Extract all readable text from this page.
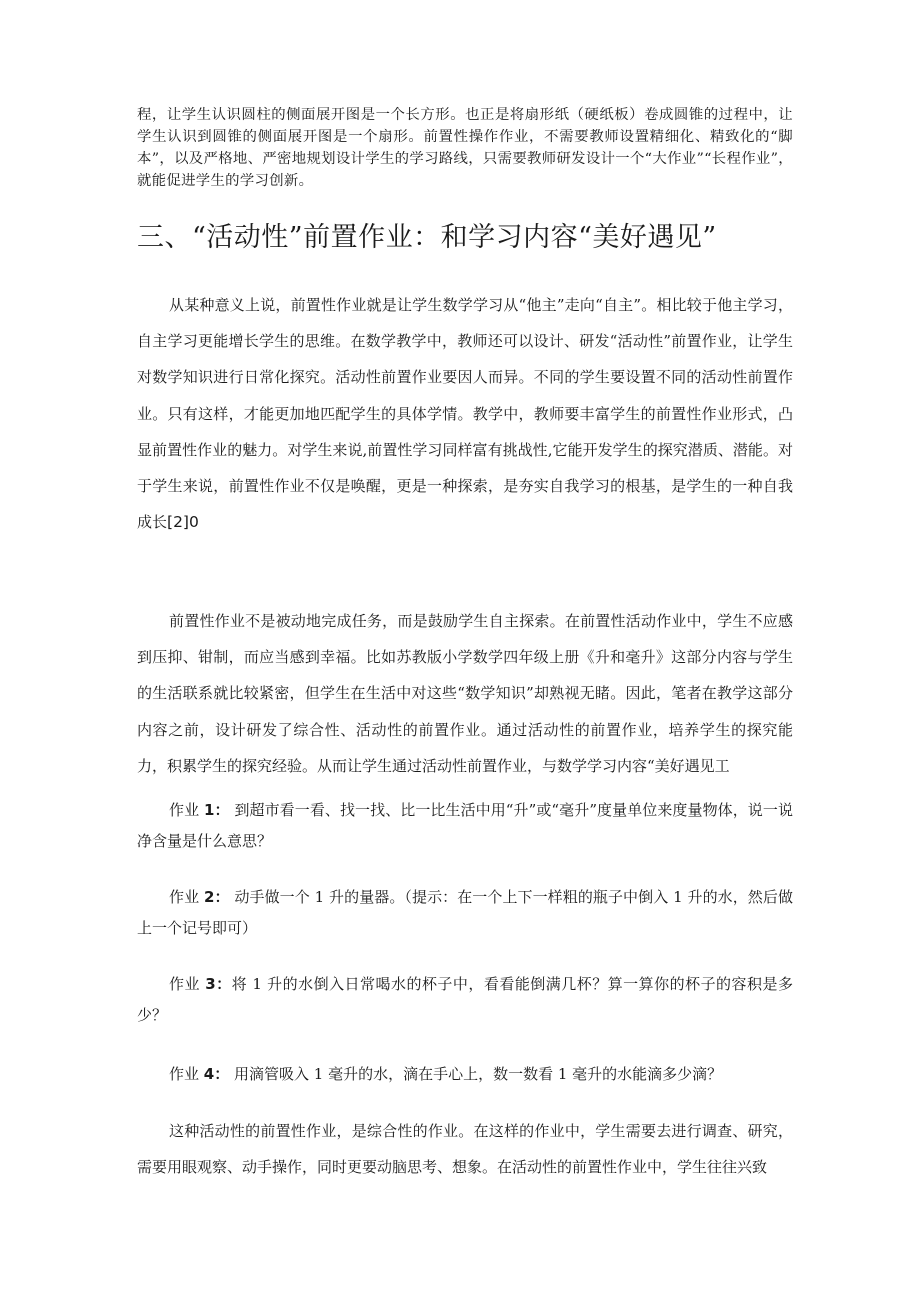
程，让学生认识圆柱的侧面展开图是一个长方形。也正是将扇形纸（硬纸板）卷成圆锥的过程中，让学生认识到圆锥的侧面展开图是一个扇形。前置性操作作业，不需要教师设置精细化、精致化的“脚本”，以及严格地、严密地规划设计学生的学习路线，只需要教师研发设计一个“大作业”“长程作业”，就能促进学生的学习创新。
三、“活动性”前置作业：和学习内容“美好遇见”

从某种意义上说，前置性作业就是让学生数学学习从“他主”走向“自主”。相比较于他主学习，自主学习更能增长学生的思维。在数学教学中，教师还可以设计、研发“活动性”前置作业，让学生对数学知识进行日常化探究。活动性前置作业要因人而异。不同的学生要设置不同的活动性前置作业。只有这样，才能更加地匹配学生的具体学情。教学中，教师要丰富学生的前置性作业形式，凸显前置性作业的魅力。对学生来说,前置性学习同样富有挑战性,它能开发学生的探究潜质、潜能。对于学生来说，前置性作业不仅是唤醒，更是一种探索，是夯实自我学习的根基，是学生的一种自我成长[2]0

前置性作业不是被动地完成任务，而是鼓励学生自主探索。在前置性活动作业中，学生不应感到压抑、钳制，而应当感到幸福。比如苏教版小学数学四年级上册《升和毫升》这部分内容与学生的生活联系就比较紧密，但学生在生活中对这些“数学知识”却熟视无睹。因此，笔者在教学这部分内容之前，设计研发了综合性、活动性的前置作业。通过活动性的前置作业，培养学生的探究能力，积累学生的探究经验。从而让学生通过活动性前置作业，与数学学习内容“美好遇见工

作业 1： 到超市看一看、找一找、比一比生活中用“升”或“毫升”度量单位来度量物体，说一说净含量是什么意思？

作业 2： 动手做一个 1 升的量器。（提示：在一个上下一样粗的瓶子中倒入 1 升的水，然后做上一个记号即可）

作业 3：将 1 升的水倒入日常喝水的杯子中，看看能倒满几杯？算一算你的杯子的容积是多少？

作业 4： 用滴管吸入 1 毫升的水，滴在手心上，数一数看 1 毫升的水能滴多少滴？

这种活动性的前置性作业，是综合性的作业。在这样的作业中，学生需要去进行调查、研究，需要用眼观察、动手操作，同时更要动脑思考、想象。在活动性的前置性作业中，学生往往兴致
